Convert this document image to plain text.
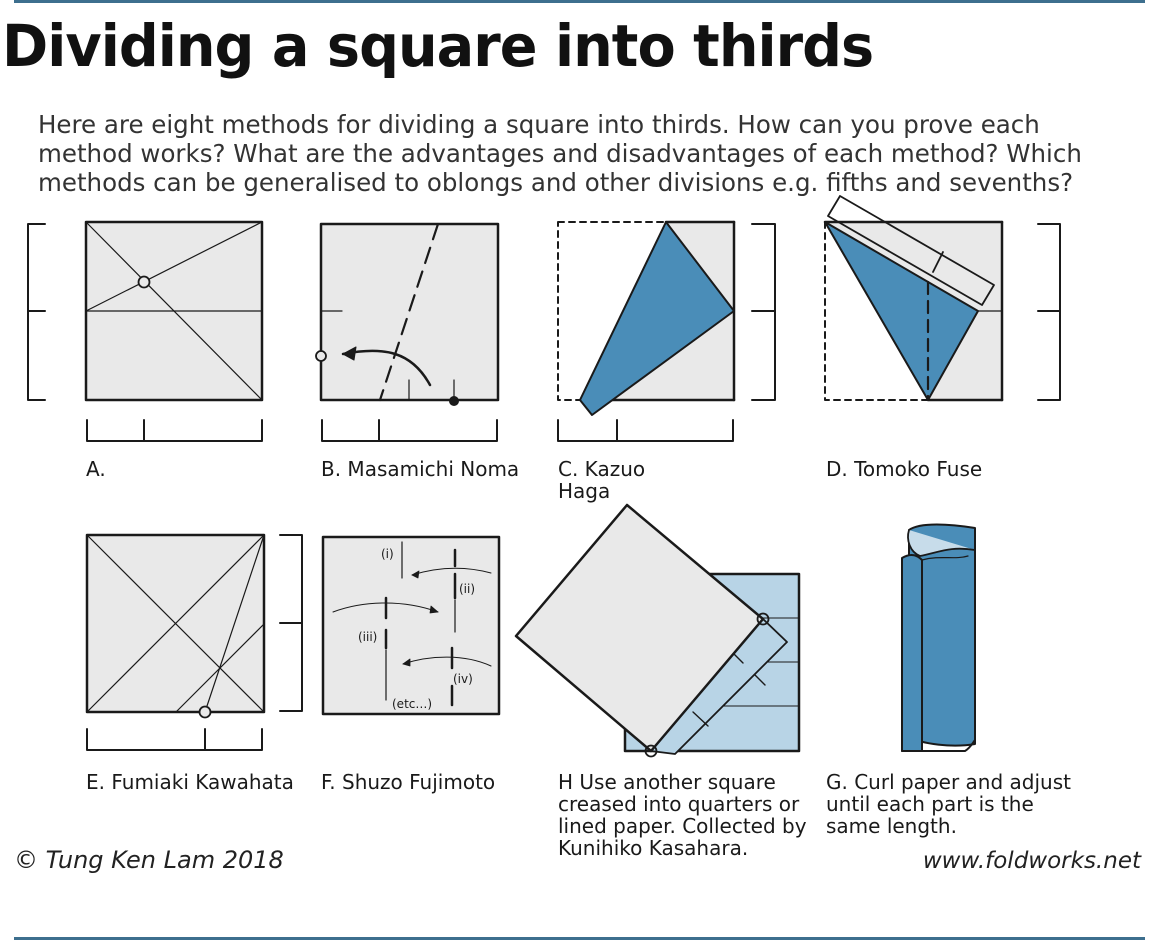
Dividing a square into thirds

Here are eight methods for dividing a square into thirds. How can you prove each method works? What are the advantages and disadvantages of each method? Which methods can be generalised to oblongs and other divisions e.g. fifths and sevenths?

(i)
(ii)
(iii)
(iv)
(etc…)

A.	B. Masamichi Noma	C. Kazuo Haga

D. Tomoko Fuse

E. Fumiaki Kawahata	F. Shuzo Fujimoto	H Use another square creased into quarters or lined paper. Collected by Kunihiko Kasahara.

G. Curl paper and adjust until each part is the same length.

© Tung Ken Lam 2018	www.foldworks.net
